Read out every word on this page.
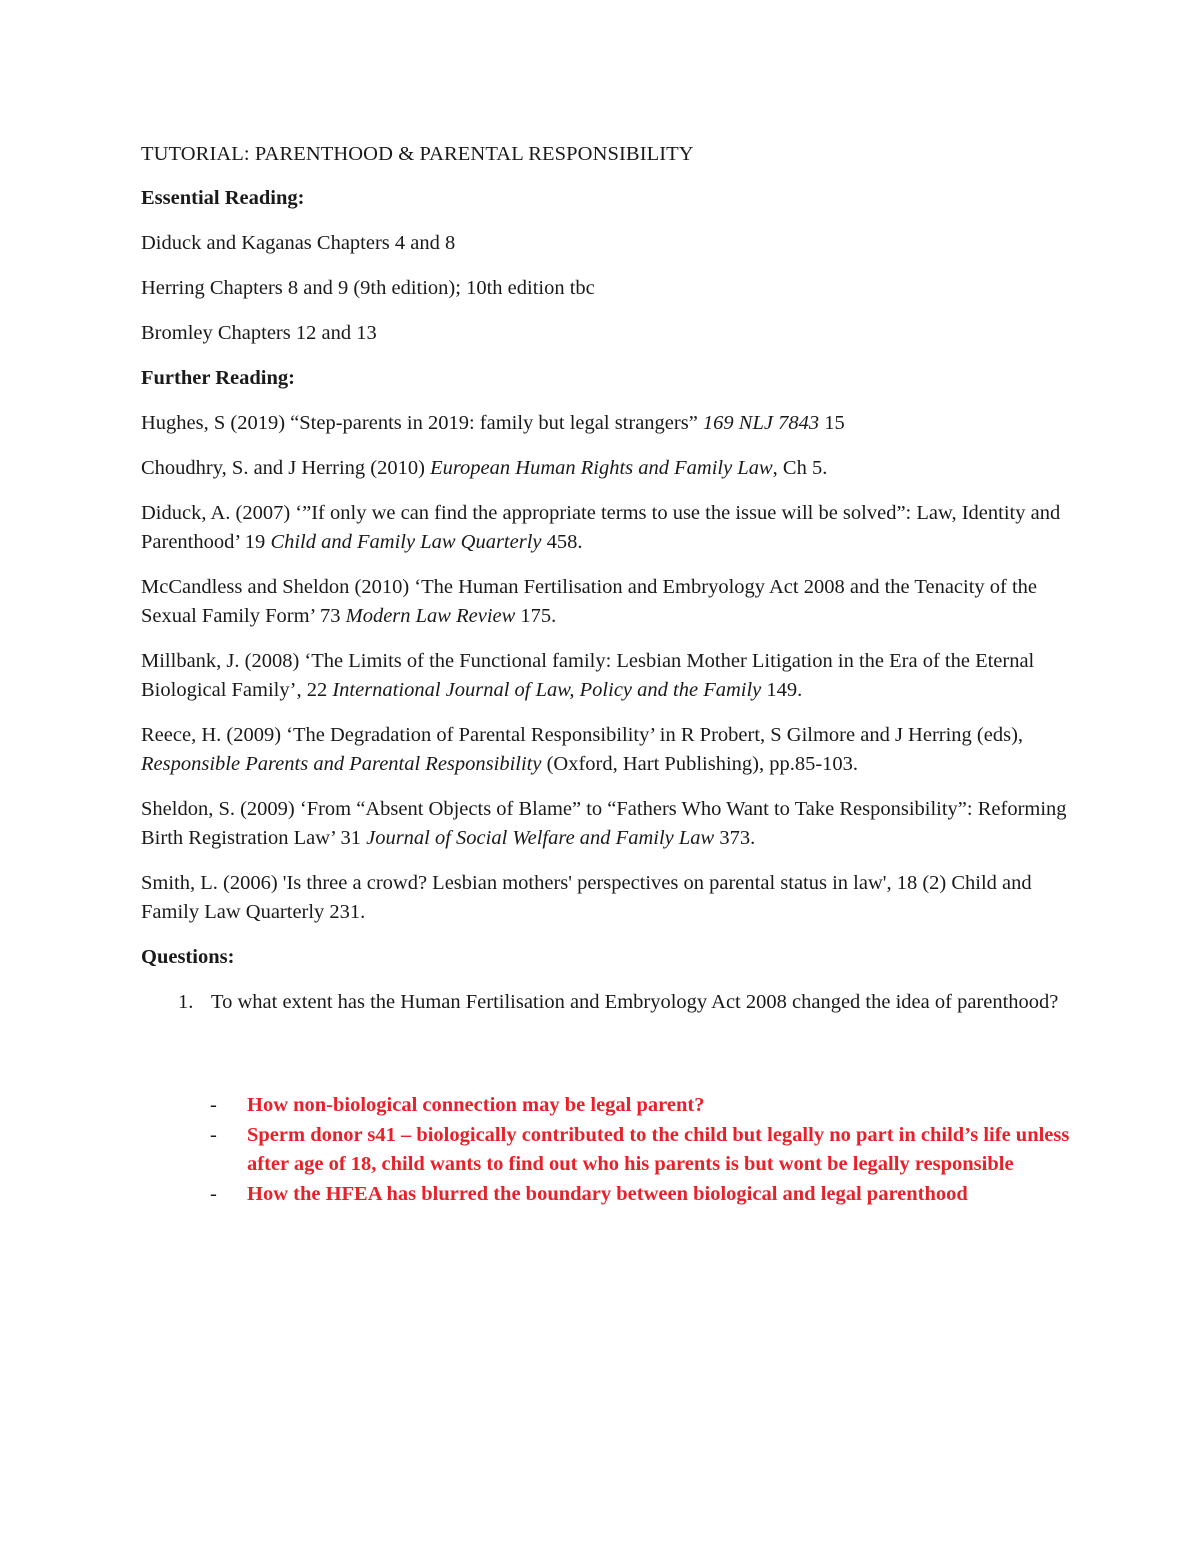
TUTORIAL: PARENTHOOD & PARENTAL RESPONSIBILITY

Essential Reading:

Diduck and Kaganas Chapters 4 and 8

Herring Chapters 8 and 9 (9th edition); 10th edition tbc

Bromley Chapters 12 and 13

Further Reading:

Hughes, S (2019) “Step-parents in 2019: family but legal strangers” 169 NLJ 7843 15

Choudhry, S. and J Herring (2010) European Human Rights and Family Law, Ch 5.

Diduck, A. (2007) ‘”If only we can find the appropriate terms to use the issue will be solved”: Law, Identity and Parenthood’ 19 Child and Family Law Quarterly 458.

McCandless and Sheldon (2010) ‘The Human Fertilisation and Embryology Act 2008 and the Tenacity of the Sexual Family Form’ 73 Modern Law Review 175.

Millbank, J. (2008) ‘The Limits of the Functional family: Lesbian Mother Litigation in the Era of the Eternal Biological Family’, 22 International Journal of Law, Policy and the Family 149.

Reece, H. (2009) ‘The Degradation of Parental Responsibility’ in R Probert, S Gilmore and J Herring (eds), Responsible Parents and Parental Responsibility (Oxford, Hart Publishing), pp.85-103.

Sheldon, S. (2009) ‘From “Absent Objects of Blame” to “Fathers Who Want to Take Responsibility”: Reforming Birth Registration Law’ 31 Journal of Social Welfare and Family Law 373.

Smith, L. (2006) 'Is three a crowd? Lesbian mothers' perspectives on parental status in law', 18 (2) Child and Family Law Quarterly 231.

Questions:

1. To what extent has the Human Fertilisation and Embryology Act 2008 changed the idea of parenthood?
- How non-biological connection may be legal parent?
- Sperm donor s41 – biologically contributed to the child but legally no part in child’s life unless after age of 18, child wants to find out who his parents is but wont be legally responsible
- How the HFEA has blurred the boundary between biological and legal parenthood
